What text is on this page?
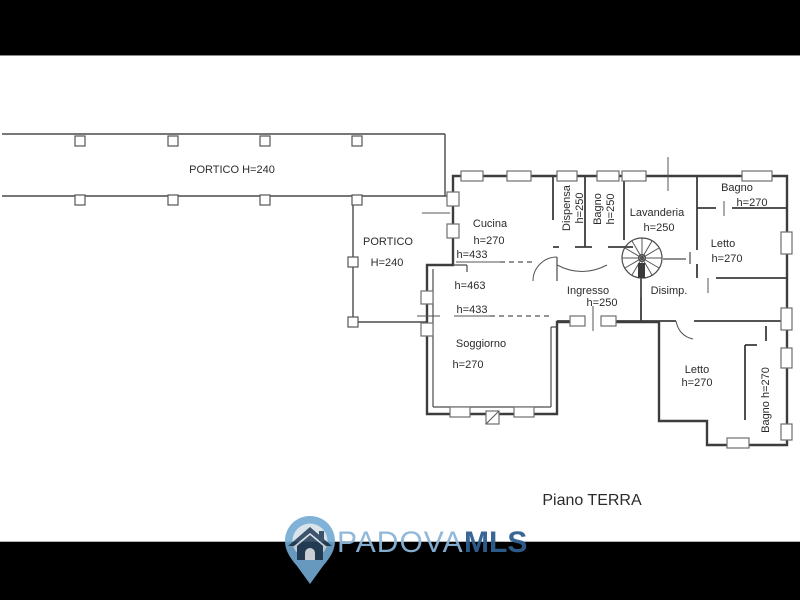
PORTICO H=240
PORTICO
H=240
Cucina
h=270
Dispensa h=250 Bagno h=250 Lavanderia
h=250
Bagno
h=270
Letto
h=270
h=433
h=463
h=433
Ingresso
h=250
Disimp.
Soggiorno
h=270	Letto
h=270	Bagno h=270
Piano TERRA
PADOVA MLS
